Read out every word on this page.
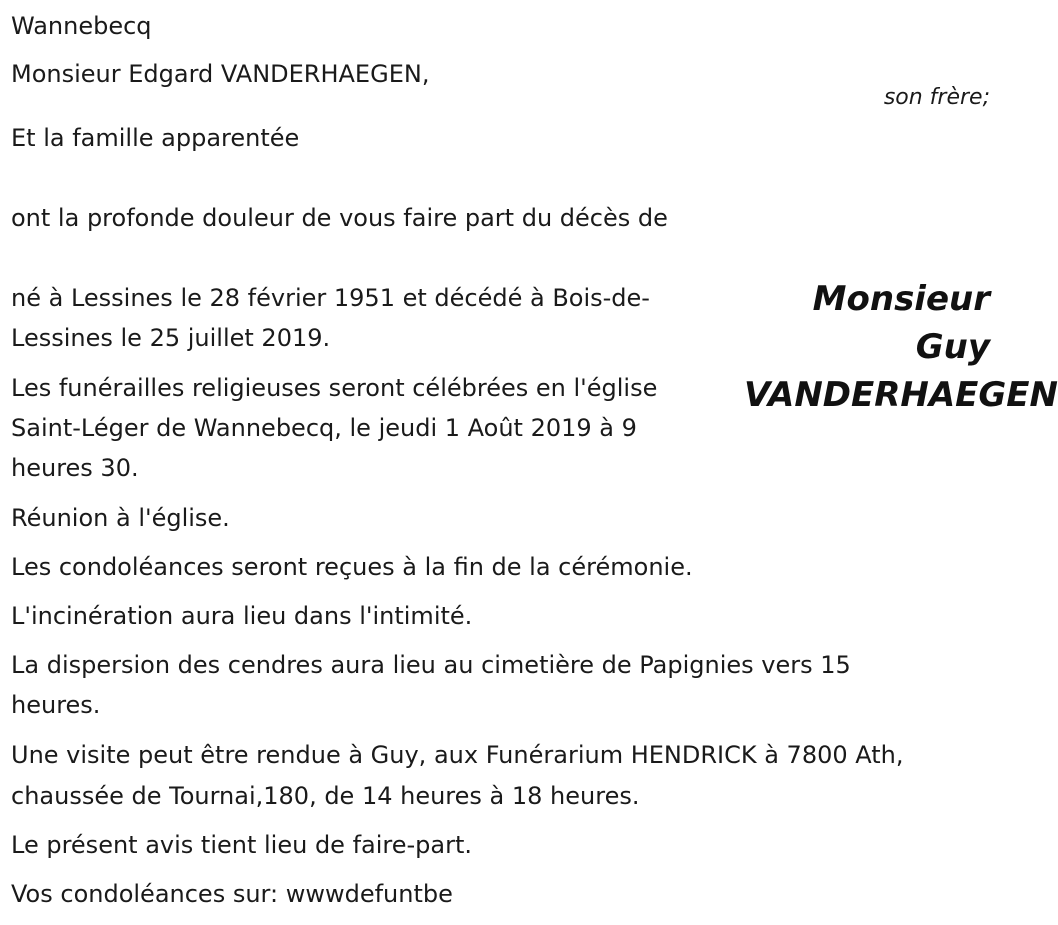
Wannebecq
Monsieur Edgard VANDERHAEGEN,
son frère;
Et la famille apparentée
ont la profonde douleur de vous faire part du décès de
né à Lessines le 28 février 1951 et décédé à Bois-de-
Lessines le 25 juillet 2019.
Monsieur
Guy
VANDERHAEGEN
Les funérailles religieuses seront célébrées en l'église
Saint-Léger de Wannebecq, le jeudi 1 Août 2019 à 9
heures 30.
Réunion à l'église.
Les condoléances seront reçues à la fin de la cérémonie.
L'incinération aura lieu dans l'intimité.
La dispersion des cendres aura lieu au cimetière de Papignies vers 15
heures.
Une visite peut être rendue à Guy, aux Funérarium HENDRICK à 7800 Ath,
chaussée de Tournai,180, de 14 heures à 18 heures.
Le présent avis tient lieu de faire-part.
Vos condoléances sur: wwwdefuntbe
